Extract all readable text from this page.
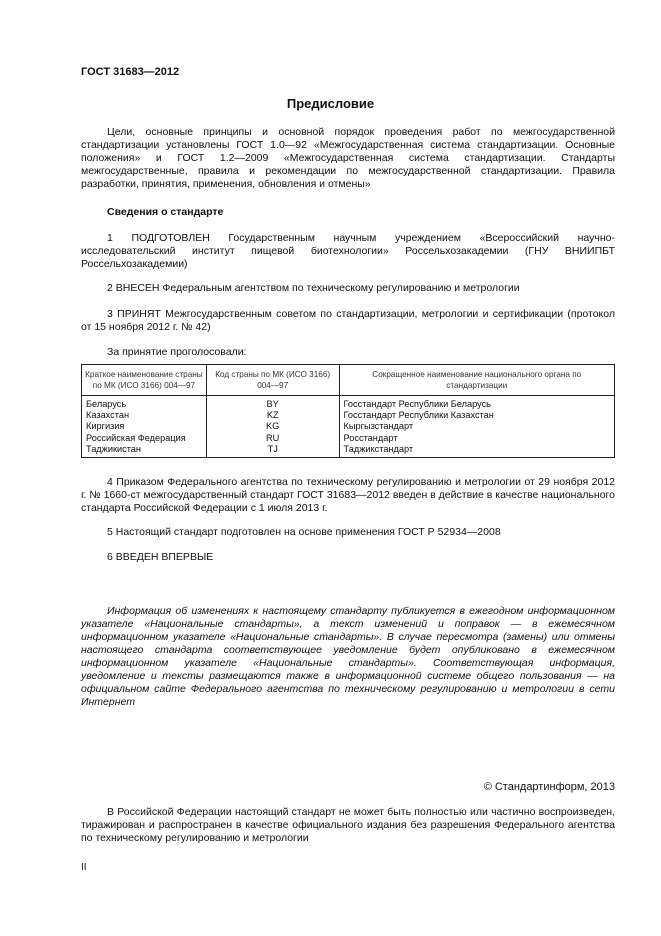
ГОСТ 31683—2012
Предисловие
Цели, основные принципы и основной порядок проведения работ по межгосударственной стандартизации установлены ГОСТ 1.0—92 «Межгосударственная система стандартизации. Основные положения» и ГОСТ 1.2—2009 «Межгосударственная система стандартизации. Стандарты межгосударственные, правила и рекомендации по межгосударственной стандартизации. Правила разработки, принятия, применения, обновления и отмены»
Сведения о стандарте
1 ПОДГОТОВЛЕН Государственным научным учреждением «Всероссийский научно-исследовательский институт пищевой биотехнологии» Россельхозакадемии (ГНУ ВНИИПБТ Россельхозакадемии)
2 ВНЕСЕН Федеральным агентством по техническому регулированию и метрологии
3 ПРИНЯТ Межгосударственным советом по стандартизации, метрологии и сертификации (протокол от 15 ноября 2012 г. № 42)
За принятие проголосовали:
Краткое наименование страны по МК (ИСО 3166) 004—97	Код страны по МК (ИСО 3166) 004—97	Сокращенное наименование национального органа по стандартизации
Беларусь	BY	Госстандарт Республики Беларусь
Казахстан	KZ	Госстандарт Республики Казахстан
Киргизия	KG	Кыргызстандарт
Российская Федерация	RU	Росстандарт
Таджикистан	TJ	Таджикстандарт
4 Приказом Федерального агентства по техническому регулированию и метрологии от 29 ноября 2012 г. № 1660-ст межгосударственный стандарт ГОСТ 31683—2012 введен в действие в качестве национального стандарта Российской Федерации с 1 июля 2013 г.
5 Настоящий стандарт подготовлен на основе применения ГОСТ Р 52934—2008
6 ВВЕДЕН ВПЕРВЫЕ
Информация об изменениях к настоящему стандарту публикуется в ежегодном информационном указателе «Национальные стандарты», а текст изменений и поправок — в ежемесячном информационном указателе «Национальные стандарты». В случае пересмотра (замены) или отмены настоящего стандарта соответствующее уведомление будет опубликовано в ежемесячном информационном указателе «Национальные стандарты». Соответствующая информация, уведомление и тексты размещаются также в информационной системе общего пользования — на официальном сайте Федерального агентства по техническому регулированию и метрологии в сети Интернет
© Стандартинформ, 2013
В Российской Федерации настоящий стандарт не может быть полностью или частично воспроизведен, тиражирован и распространен в качестве официального издания без разрешения Федерального агентства по техническому регулированию и метрологии
II
